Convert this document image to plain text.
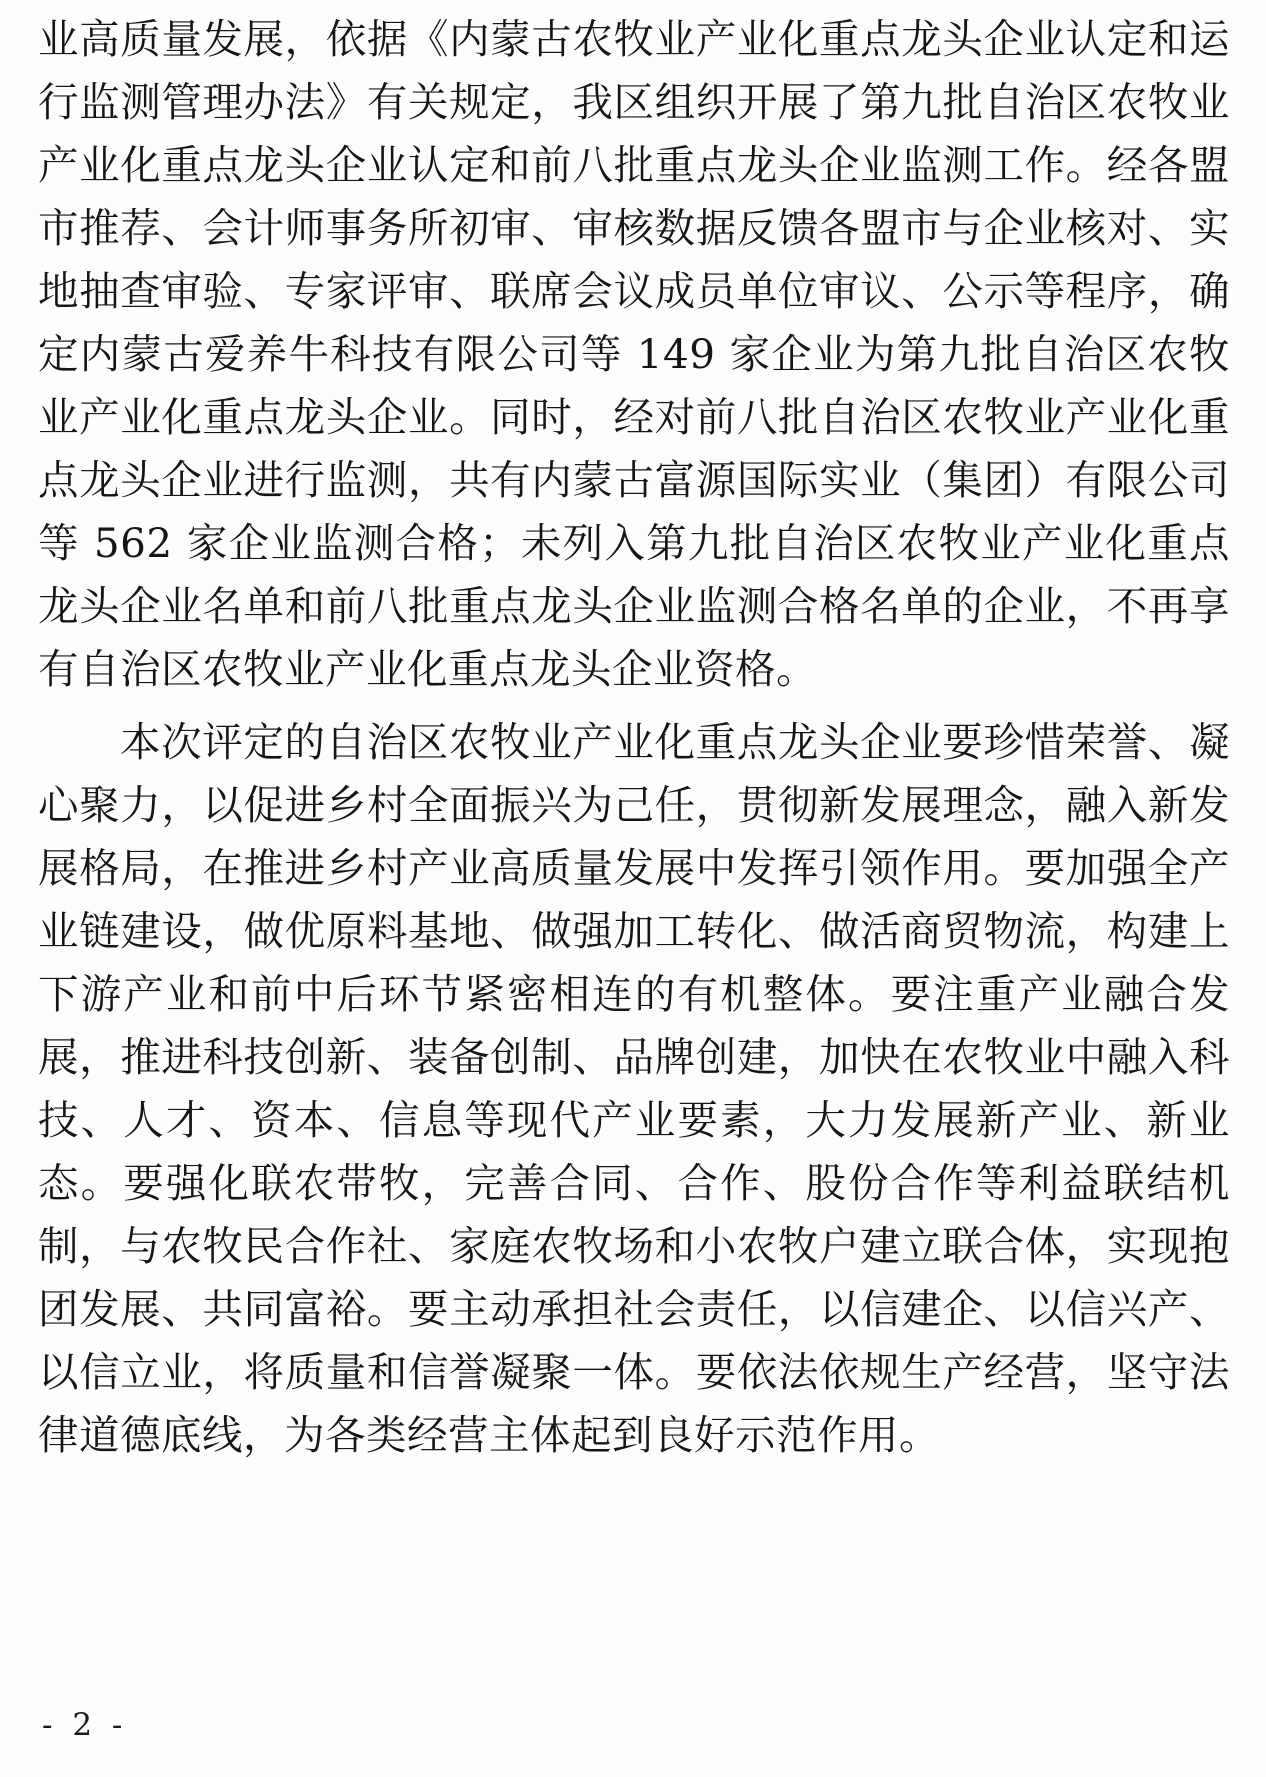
业高质量发展，依据《内蒙古农牧业产业化重点龙头企业认定和运行监测管理办法》有关规定，我区组织开展了第九批自治区农牧业产业化重点龙头企业认定和前八批重点龙头企业监测工作。经各盟市推荐、会计师事务所初审、审核数据反馈各盟市与企业核对、实地抽查审验、专家评审、联席会议成员单位审议、公示等程序，确定内蒙古爱养牛科技有限公司等 149 家企业为第九批自治区农牧业产业化重点龙头企业。同时，经对前八批自治区农牧业产业化重点龙头企业进行监测，共有内蒙古富源国际实业（集团）有限公司等 562 家企业监测合格；未列入第九批自治区农牧业产业化重点龙头企业名单和前八批重点龙头企业监测合格名单的企业，不再享有自治区农牧业产业化重点龙头企业资格。

本次评定的自治区农牧业产业化重点龙头企业要珍惜荣誉、凝心聚力，以促进乡村全面振兴为己任，贯彻新发展理念，融入新发展格局，在推进乡村产业高质量发展中发挥引领作用。要加强全产业链建设，做优原料基地、做强加工转化、做活商贸物流，构建上下游产业和前中后环节紧密相连的有机整体。要注重产业融合发展，推进科技创新、装备创制、品牌创建，加快在农牧业中融入科技、人才、资本、信息等现代产业要素，大力发展新产业、新业态。要强化联农带牧，完善合同、合作、股份合作等利益联结机制，与农牧民合作社、家庭农牧场和小农牧户建立联合体，实现抱团发展、共同富裕。要主动承担社会责任，以信建企、以信兴产、以信立业，将质量和信誉凝聚一体。要依法依规生产经营，坚守法律道德底线，为各类经营主体起到良好示范作用。

- 2 -
